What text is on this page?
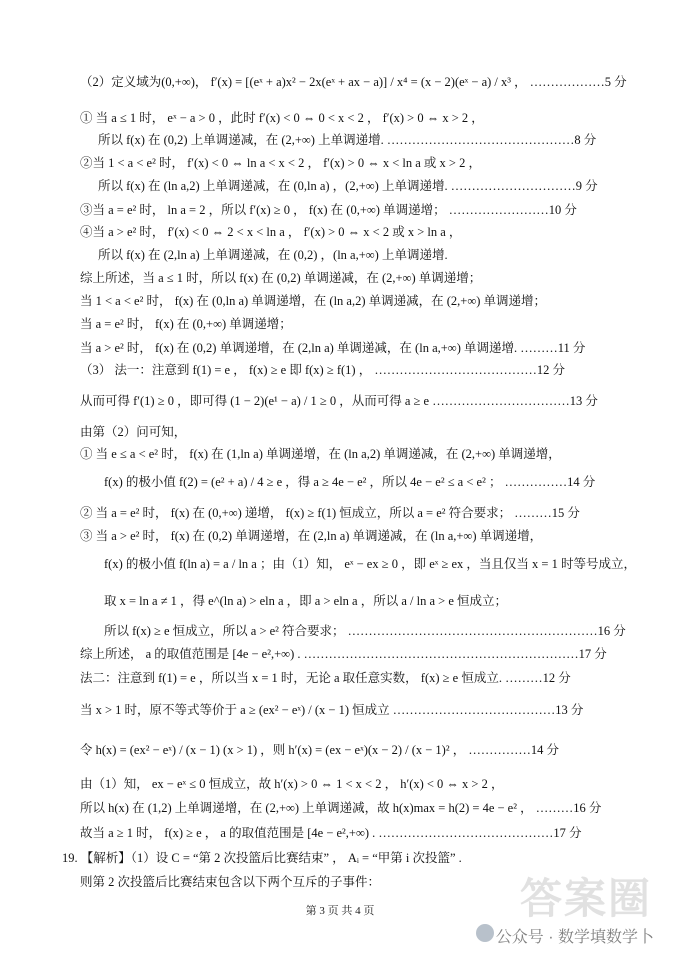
（2）定义域为(0,+∞)， f′(x) = [(eˣ + a)x² − 2x(eˣ + ax − a)] / x⁴ = (x − 2)(eˣ − a) / x³ ， ………………5 分
① 当 a ≤ 1 时， eˣ − a > 0 ，此时 f′(x) < 0 ⇔ 0 < x < 2 ， f′(x) > 0 ⇔ x > 2 ，
所以 f(x) 在 (0,2) 上单调递减，在 (2,+∞) 上单调递增. ………………………………………8 分
②当 1 < a < e² 时， f′(x) < 0 ⇔ ln a < x < 2 ， f′(x) > 0 ⇔ x < ln a 或 x > 2 ，
所以 f(x) 在 (ln a,2) 上单调递减，在 (0,ln a) ，(2,+∞) 上单调递增. …………………………9 分
③当 a = e² 时， ln a = 2 ，所以 f′(x) ≥ 0 ， f(x) 在 (0,+∞) 单调递增； ……………………10 分
④当 a > e² 时， f′(x) < 0 ⇔ 2 < x < ln a ， f′(x) > 0 ⇔ x < 2 或 x > ln a ，
所以 f(x) 在 (2,ln a) 上单调递减，在 (0,2) ，(ln a,+∞) 上单调递增.
综上所述，当 a ≤ 1 时，所以 f(x) 在 (0,2) 单调递减，在 (2,+∞) 单调递增；
当 1 < a < e² 时， f(x) 在 (0,ln a) 单调递增，在 (ln a,2) 单调递减，在 (2,+∞) 单调递增；
当 a = e² 时， f(x) 在 (0,+∞) 单调递增；
当 a > e² 时， f(x) 在 (0,2) 单调递增，在 (2,ln a) 单调递减，在 (ln a,+∞) 单调递增. ………11 分
（3） 法一：注意到 f(1) = e ， f(x) ≥ e 即 f(x) ≥ f(1) ， …………………………………12 分
从而可得 f′(1) ≥ 0 ，即可得 (1 − 2)(e¹ − a) / 1 ≥ 0 ，从而可得 a ≥ e ……………………………13 分
由第（2）问可知，
① 当 e ≤ a < e² 时， f(x) 在 (1,ln a) 单调递增，在 (ln a,2) 单调递减，在 (2,+∞) 单调递增，
f(x) 的极小值 f(2) = (e² + a) / 4 ≥ e ，得 a ≥ 4e − e² ，所以 4e − e² ≤ a < e² ； ……………14 分
② 当 a = e² 时， f(x) 在 (0,+∞) 递增， f(x) ≥ f(1) 恒成立，所以 a = e² 符合要求； ………15 分
③ 当 a > e² 时， f(x) 在 (0,2) 单调递增，在 (2,ln a) 单调递减，在 (ln a,+∞) 单调递增，
f(x) 的极小值 f(ln a) = a / ln a ；由（1）知， eˣ − ex ≥ 0 ，即 eˣ ≥ ex ，当且仅当 x = 1 时等号成立，
取 x = ln a ≠ 1 ，得 e^(ln a) > eln a ，即 a > eln a ，所以 a / ln a > e 恒成立；
所以 f(x) ≥ e 恒成立，所以 a > e² 符合要求； ……………………………………………………16 分
综上所述， a 的取值范围是 [4e − e²,+∞) . …………………………………………………………17 分
法二：注意到 f(1) = e ，所以当 x = 1 时，无论 a 取任意实数， f(x) ≥ e 恒成立. ………12 分
当 x > 1 时，原不等式等价于 a ≥ (ex² − eˣ) / (x − 1) 恒成立 …………………………………13 分
令 h(x) = (ex² − eˣ) / (x − 1) (x > 1) ，则 h′(x) = (ex − eˣ)(x − 2) / (x − 1)² ， ……………14 分
由（1）知， ex − eˣ ≤ 0 恒成立，故 h′(x) > 0 ⇔ 1 < x < 2 ， h′(x) < 0 ⇔ x > 2 ，
所以 h(x) 在 (1,2) 上单调递增，在 (2,+∞) 上单调递减，故 h(x)max = h(2) = 4e − e² ， ………16 分
故当 a ≥ 1 时， f(x) ≥ e ， a 的取值范围是 [4e − e²,+∞) . ……………………………………17 分
19. 【解析】（1）设 C = “第 2 次投篮后比赛结束” ， Aᵢ = “甲第 i 次投篮” .
则第 2 次投篮后比赛结束包含以下两个互斥的子事件：
第 3 页 共 4 页	答案圈
公众号 · 数学填数学卜
